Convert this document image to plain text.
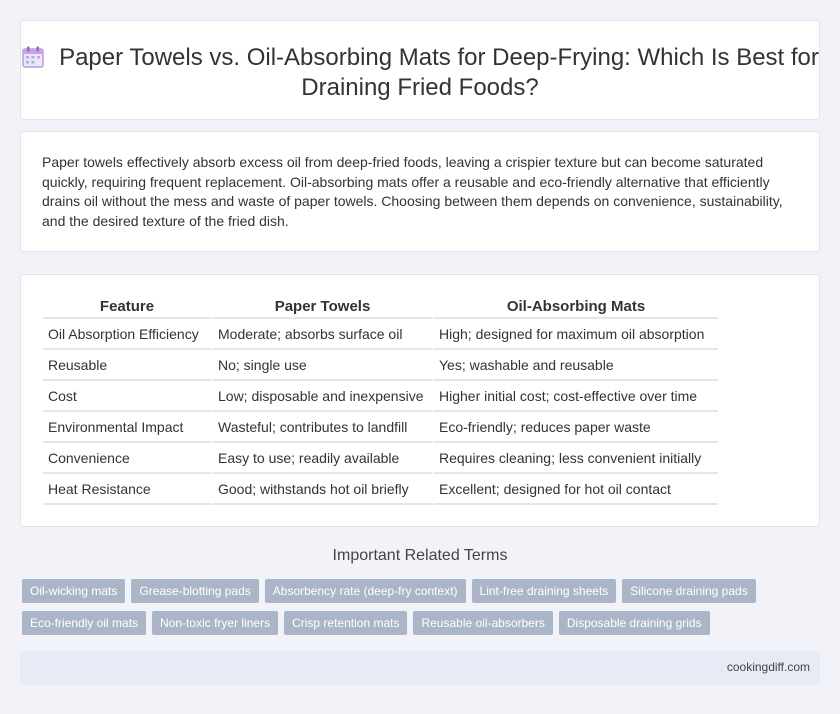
Paper Towels vs. Oil-Absorbing Mats for Deep-Frying: Which Is Best for Draining Fried Foods?

Paper towels effectively absorb excess oil from deep-fried foods, leaving a crispier texture but can become saturated quickly, requiring frequent replacement. Oil-absorbing mats offer a reusable and eco-friendly alternative that efficiently drains oil without the mess and waste of paper towels. Choosing between them depends on convenience, sustainability, and the desired texture of the fried dish.

Feature	Paper Towels	Oil-Absorbing Mats
Oil Absorption Efficiency	Moderate; absorbs surface oil	High; designed for maximum oil absorption
Reusable	No; single use	Yes; washable and reusable
Cost	Low; disposable and inexpensive	Higher initial cost; cost-effective over time
Environmental Impact	Wasteful; contributes to landfill	Eco-friendly; reduces paper waste
Convenience	Easy to use; readily available	Requires cleaning; less convenient initially
Heat Resistance	Good; withstands hot oil briefly	Excellent; designed for hot oil contact
Important Related Terms
Oil-wicking mats	Grease-blotting pads	Absorbency rate (deep-fry context)	Lint-free draining sheets	Silicone draining pads
Eco-friendly oil mats	Non-toxic fryer liners	Crisp retention mats	Reusable oil-absorbers	Disposable draining grids
cookingdiff.com
